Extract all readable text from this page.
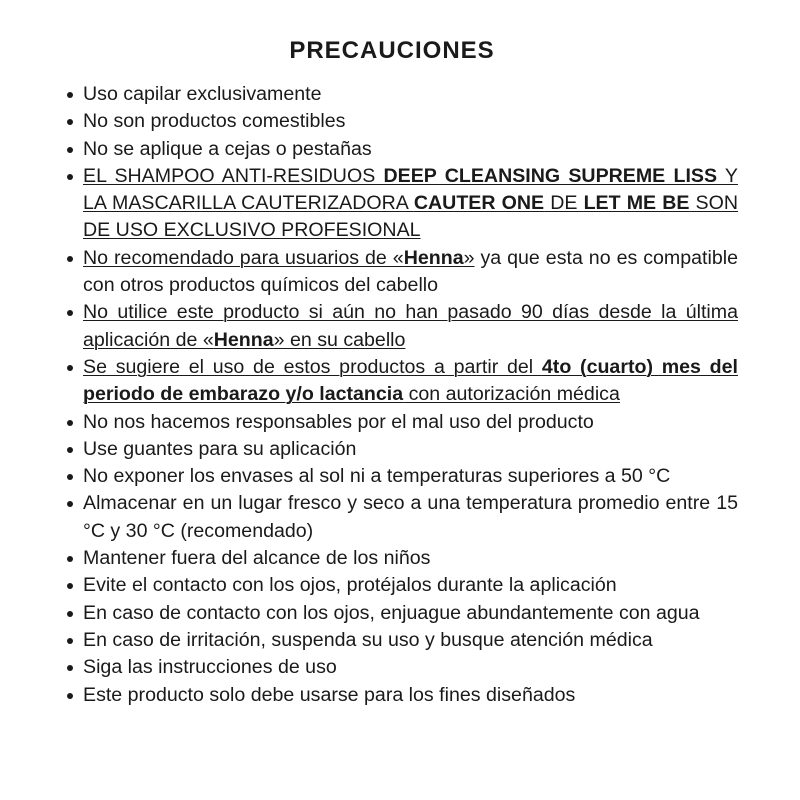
PRECAUCIONES
Uso capilar exclusivamente
No son productos comestibles
No se aplique a cejas o pestañas
EL SHAMPOO ANTI-RESIDUOS DEEP CLEANSING SUPREME LISS Y LA MASCARILLA CAUTERIZADORA CAUTER ONE DE LET ME BE SON DE USO EXCLUSIVO PROFESIONAL
No recomendado para usuarios de «Henna» ya que esta no es compatible con otros productos químicos del cabello
No utilice este producto si aún no han pasado 90 días desde la última aplicación de «Henna» en su cabello
Se sugiere el uso de estos productos a partir del 4to (cuarto) mes del periodo de embarazo y/o lactancia con autorización médica
No nos hacemos responsables por el mal uso del producto
Use guantes para su aplicación
No exponer los envases al sol ni a temperaturas superiores a 50 °C
Almacenar en un lugar fresco y seco a una temperatura promedio entre 15 °C y 30 °C (recomendado)
Mantener fuera del alcance de los niños
Evite el contacto con los ojos, protéjalos durante la aplicación
En caso de contacto con los ojos, enjuague abundantemente con agua
En caso de irritación, suspenda su uso y busque atención médica
Siga las instrucciones de uso
Este producto solo debe usarse para los fines diseñados
